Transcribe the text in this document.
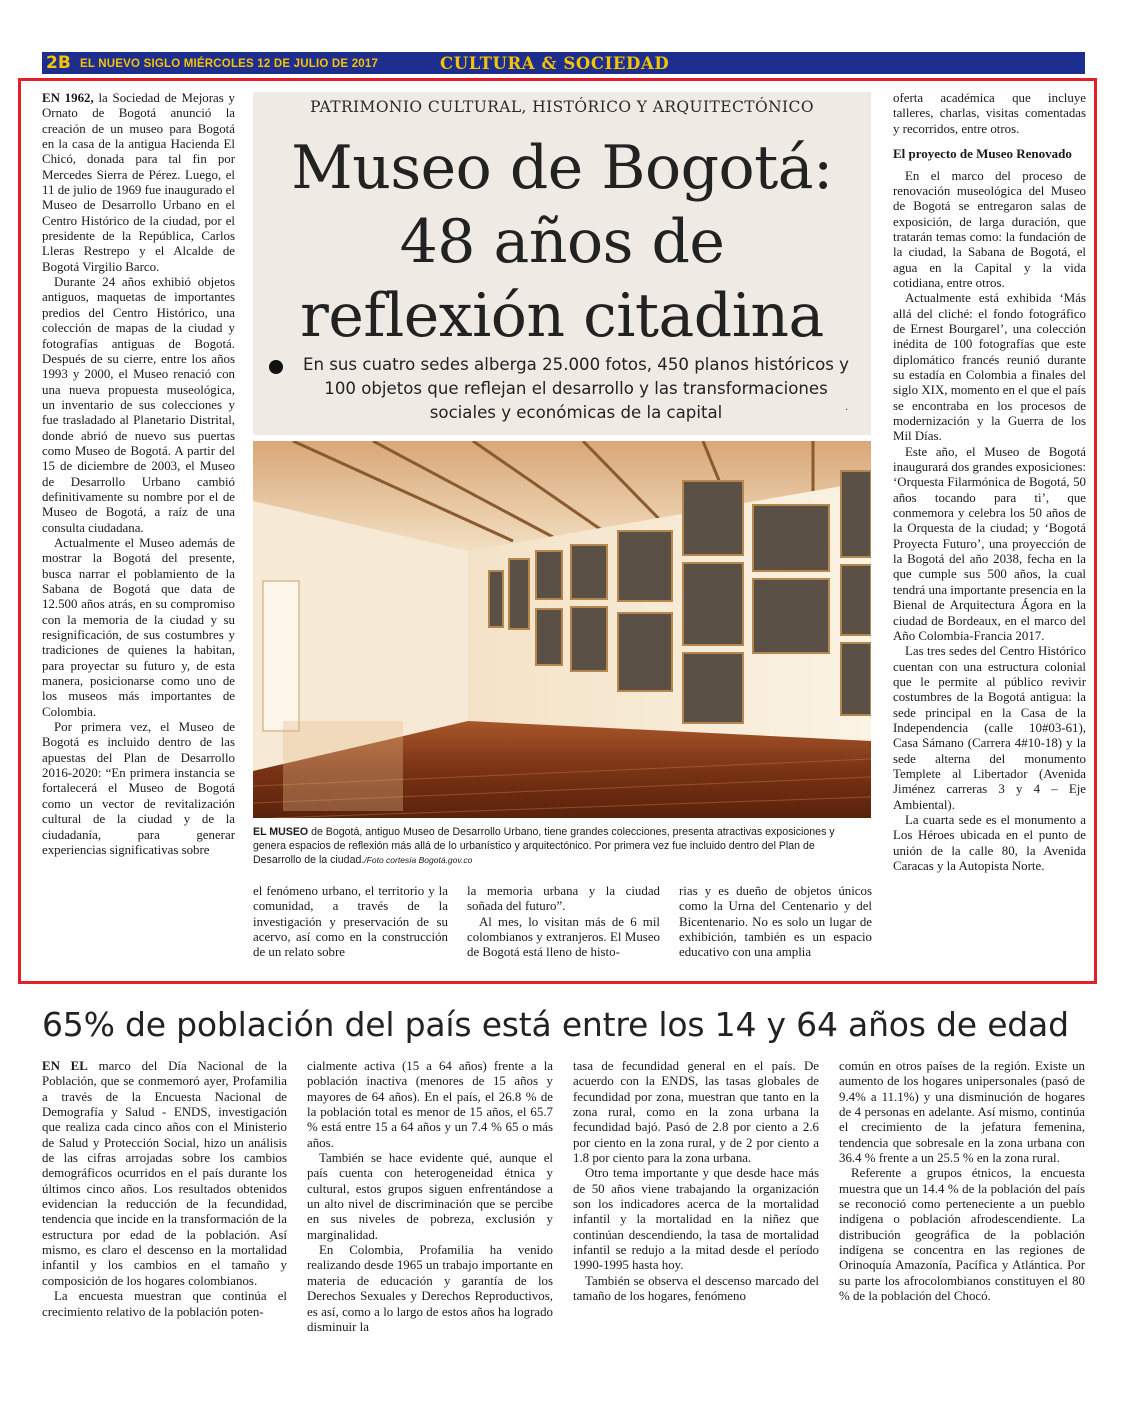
2B EL NUEVO SIGLO MIÉRCOLES 12 DE JULIO DE 2017	CULTURA & SOCIEDAD

EN 1962, la Sociedad de Mejoras y Ornato de Bogotá anunció la creación de un museo para Bogotá en la casa de la antigua Hacienda El Chicó, donada para tal fin por Mercedes Sierra de Pérez. Luego, el 11 de julio de 1969 fue inaugurado el Museo de Desarrollo Urbano en el Centro Histórico de la ciudad, por el presidente de la República, Carlos Lleras Restrepo y el Alcalde de Bogotá Virgilio Barco.

Durante 24 años exhibió objetos antiguos, maquetas de importantes predios del Centro Histórico, una colección de mapas de la ciudad y fotografías antiguas de Bogotá. Después de su cierre, entre los años 1993 y 2000, el Museo renació con una nueva propuesta museológica, un inventario de sus colecciones y fue trasladado al Planetario Distrital, donde abrió de nuevo sus puertas como Museo de Bogotá. A partir del 15 de diciembre de 2003, el Museo de Desarrollo Urbano cambió definitivamente su nombre por el de Museo de Bogotá, a raíz de una consulta ciudadana.

Actualmente el Museo además de mostrar la Bogotá del presente, busca narrar el poblamiento de la Sabana de Bogotá que data de 12.500 años atrás, en su compromiso con la memoria de la ciudad y su resignificación, de sus costumbres y tradiciones de quienes la habitan, para proyectar su futuro y, de esta manera, posicionarse como uno de los museos más importantes de Colombia.

Por primera vez, el Museo de Bogotá es incluido dentro de las apuestas del Plan de Desarrollo 2016-2020: “En primera instancia se fortalecerá el Museo de Bogotá como un vector de revitalización cultural de la ciudad y de la ciudadanía, para generar experiencias significativas sobre

PATRIMONIO CULTURAL, HISTÓRICO Y ARQUITECTÓNICO
Museo de Bogotá:
48 años de
reflexión citadina
En sus cuatro sedes alberga 25.000 fotos, 450 planos históricos y 100 objetos que reflejan el desarrollo y las transformaciones sociales y económicas de la capital	.
EL MUSEO de Bogotá, antiguo Museo de Desarrollo Urbano, tiene grandes colecciones, presenta atractivas exposiciones y genera espacios de reflexión más allá de lo urbanístico y arquitectónico. Por primera vez fue incluido dentro del Plan de Desarrollo de la ciudad./Foto cortesía Bogotá.gov.co

el fenómeno urbano, el territorio y la comunidad, a través de la investigación y preservación de su acervo, así como en la construcción de un relato sobre

la memoria urbana y la ciudad soñada del futuro”.

Al mes, lo visitan más de 6 mil colombianos y extranjeros. El Museo de Bogotá está lleno de histo-

rias y es dueño de objetos únicos como la Urna del Centenario y del Bicentenario. No es solo un lugar de exhibición, también es un espacio educativo con una amplia

oferta académica que incluye talleres, charlas, visitas comentadas y recorridos, entre otros.

El proyecto de Museo Renovado

En el marco del proceso de renovación museológica del Museo de Bogotá se entregaron salas de exposición, de larga duración, que tratarán temas como: la fundación de la ciudad, la Sabana de Bogotá, el agua en la Capital y la vida cotidiana, entre otros.

Actualmente está exhibida ‘Más allá del cliché: el fondo fotográfico de Ernest Bourgarel’, una colección inédita de 100 fotografías que este diplomático francés reunió durante su estadía en Colombia a finales del siglo XIX, momento en el que el país se encontraba en los procesos de modernización y la Guerra de los Mil Días.

Este año, el Museo de Bogotá inaugurará dos grandes exposiciones: ‘Orquesta Filarmónica de Bogotá, 50 años tocando para ti’, que conmemora y celebra los 50 años de la Orquesta de la ciudad; y ‘Bogotá Proyecta Futuro’, una proyección de la Bogotá del año 2038, fecha en la que cumple sus 500 años, la cual tendrá una importante presencia en la Bienal de Arquitectura Ágora en la ciudad de Bordeaux, en el marco del Año Colombia-Francia 2017.

Las tres sedes del Centro Histórico cuentan con una estructura colonial que le permite al público revivir costumbres de la Bogotá antigua: la sede principal en la Casa de la Independencia (calle 10#03-61), Casa Sámano (Carrera 4#10-18) y la sede alterna del monumento Templete al Libertador (Avenida Jiménez carreras 3 y 4 – Eje Ambiental).

La cuarta sede es el monumento a Los Héroes ubicada en el punto de unión de la calle 80, la Avenida Caracas y la Autopista Norte.

65% de población del país está entre los 14 y 64 años de edad

EN EL marco del Día Nacional de la Población, que se conmemoró ayer, Profamilia a través de la Encuesta Nacional de Demografía y Salud - ENDS, investigación que realiza cada cinco años con el Ministerio de Salud y Protección Social, hizo un análisis de las cifras arrojadas sobre los cambios demográficos ocurridos en el país durante los últimos cinco años. Los resultados obtenidos evidencian la reducción de la fecundidad, tendencia que incide en la transformación de la estructura por edad de la población. Así mismo, es claro el descenso en la mortalidad infantil y los cambios en el tamaño y composición de los hogares colombianos.

La encuesta muestran que continúa el crecimiento relativo de la población poten-

cialmente activa (15 a 64 años) frente a la población inactiva (menores de 15 años y mayores de 64 años). En el país, el 26.8 % de la población total es menor de 15 años, el 65.7 % está entre 15 a 64 años y un 7.4 % 65 o más años.

También se hace evidente qué, aunque el país cuenta con heterogeneidad étnica y cultural, estos grupos siguen enfrentándose a un alto nivel de discriminación que se percibe en sus niveles de pobreza, exclusión y marginalidad.

En Colombia, Profamilia ha venido realizando desde 1965 un trabajo importante en materia de educación y garantía de los Derechos Sexuales y Derechos Reproductivos, es así, como a lo largo de estos años ha logrado disminuir la

tasa de fecundidad general en el país. De acuerdo con la ENDS, las tasas globales de fecundidad por zona, muestran que tanto en la zona rural, como en la zona urbana la fecundidad bajó. Pasó de 2.8 por ciento a 2.6 por ciento en la zona rural, y de 2 por ciento a 1.8 por ciento para la zona urbana.

Otro tema importante y que desde hace más de 50 años viene trabajando la organización son los indicadores acerca de la mortalidad infantil y la mortalidad en la niñez que continúan descendiendo, la tasa de mortalidad infantil se redujo a la mitad desde el período 1990-1995 hasta hoy.

También se observa el descenso marcado del tamaño de los hogares, fenómeno

común en otros países de la región. Existe un aumento de los hogares unipersonales (pasó de 9.4% a 11.1%) y una disminución de hogares de 4 personas en adelante. Así mismo, continúa el crecimiento de la jefatura femenina, tendencia que sobresale en la zona urbana con 36.4 % frente a un 25.5 % en la zona rural.

Referente a grupos étnicos, la encuesta muestra que un 14.4 % de la población del país se reconoció como perteneciente a un pueblo indígena o población afrodescendiente. La distribución geográfica de la población indígena se concentra en las regiones de Orinoquía Amazonía, Pacífica y Atlántica. Por su parte los afrocolombianos constituyen el 80 % de la población del Chocó.
